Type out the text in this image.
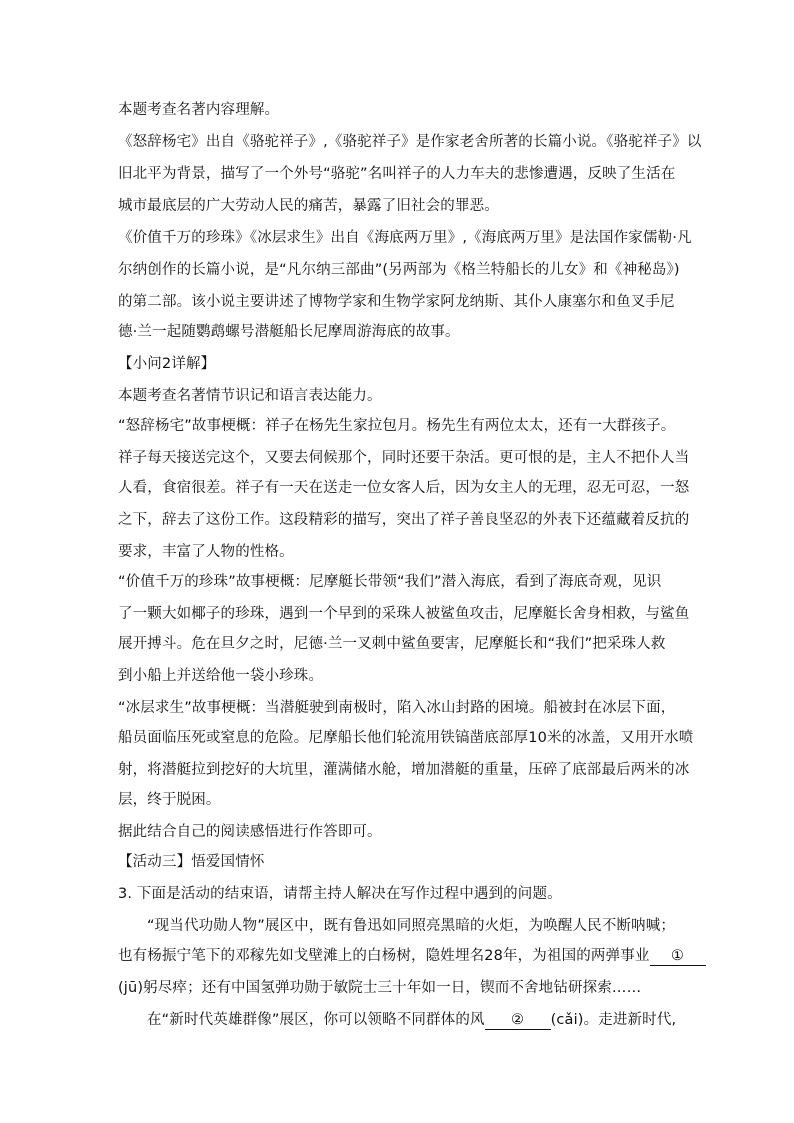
本题考查名著内容理解。
《怒辞杨宅》出自《骆驼祥子》,《骆驼祥子》是作家老舍所著的长篇小说。《骆驼祥子》以
旧北平为背景，描写了一个外号“骆驼”名叫祥子的人力车夫的悲惨遭遇，反映了生活在
城市最底层的广大劳动人民的痛苦，暴露了旧社会的罪恶。
《价值千万的珍珠》《冰层求生》出自《海底两万里》,《海底两万里》是法国作家儒勒·凡
尔纳创作的长篇小说，是“凡尔纳三部曲”(另两部为《格兰特船长的儿女》和《神秘岛》)
的第二部。该小说主要讲述了博物学家和生物学家阿龙纳斯、其仆人康塞尔和鱼叉手尼
德·兰一起随鹦鹉螺号潜艇船长尼摩周游海底的故事。
【小问2详解】
本题考查名著情节识记和语言表达能力。
“怒辞杨宅”故事梗概：祥子在杨先生家拉包月。杨先生有两位太太，还有一大群孩子。
祥子每天接送完这个，又要去伺候那个，同时还要干杂活。更可恨的是，主人不把仆人当
人看，食宿很差。祥子有一天在送走一位女客人后，因为女主人的无理，忍无可忍，一怒
之下，辞去了这份工作。这段精彩的描写，突出了祥子善良坚忍的外表下还蕴藏着反抗的
要求，丰富了人物的性格。
“价值千万的珍珠”故事梗概：尼摩艇长带领“我们”潜入海底，看到了海底奇观，见识
了一颗大如椰子的珍珠，遇到一个早到的采珠人被鲨鱼攻击，尼摩艇长舍身相救，与鲨鱼
展开搏斗。危在旦夕之时，尼德·兰一叉刺中鲨鱼要害，尼摩艇长和“我们”把采珠人救
到小船上并送给他一袋小珍珠。
“冰层求生”故事梗概：当潜艇驶到南极时，陷入冰山封路的困境。船被封在冰层下面，
船员面临压死或窒息的危险。尼摩船长他们轮流用铁镐凿底部厚10米的冰盖，又用开水喷
射，将潜艇拉到挖好的大坑里，灌满储水舱，增加潜艇的重量，压碎了底部最后两米的冰
层，终于脱困。
据此结合自己的阅读感悟进行作答即可。
【活动三】悟爱国情怀
3. 下面是活动的结束语，请帮主持人解决在写作过程中遇到的问题。
“现当代功勋人物”展区中，既有鲁迅如同照亮黑暗的火炬，为唤醒人民不断呐喊；
也有杨振宁笔下的邓稼先如戈壁滩上的白杨树，隐姓埋名28年，为祖国的两弹事业 ①
(jū)躬尽瘁；还有中国氢弹功勋于敏院士三十年如一日，锲而不舍地钻研探索……
在“新时代英雄群像”展区，你可以领略不同群体的风 ② (cǎi)。走进新时代,
